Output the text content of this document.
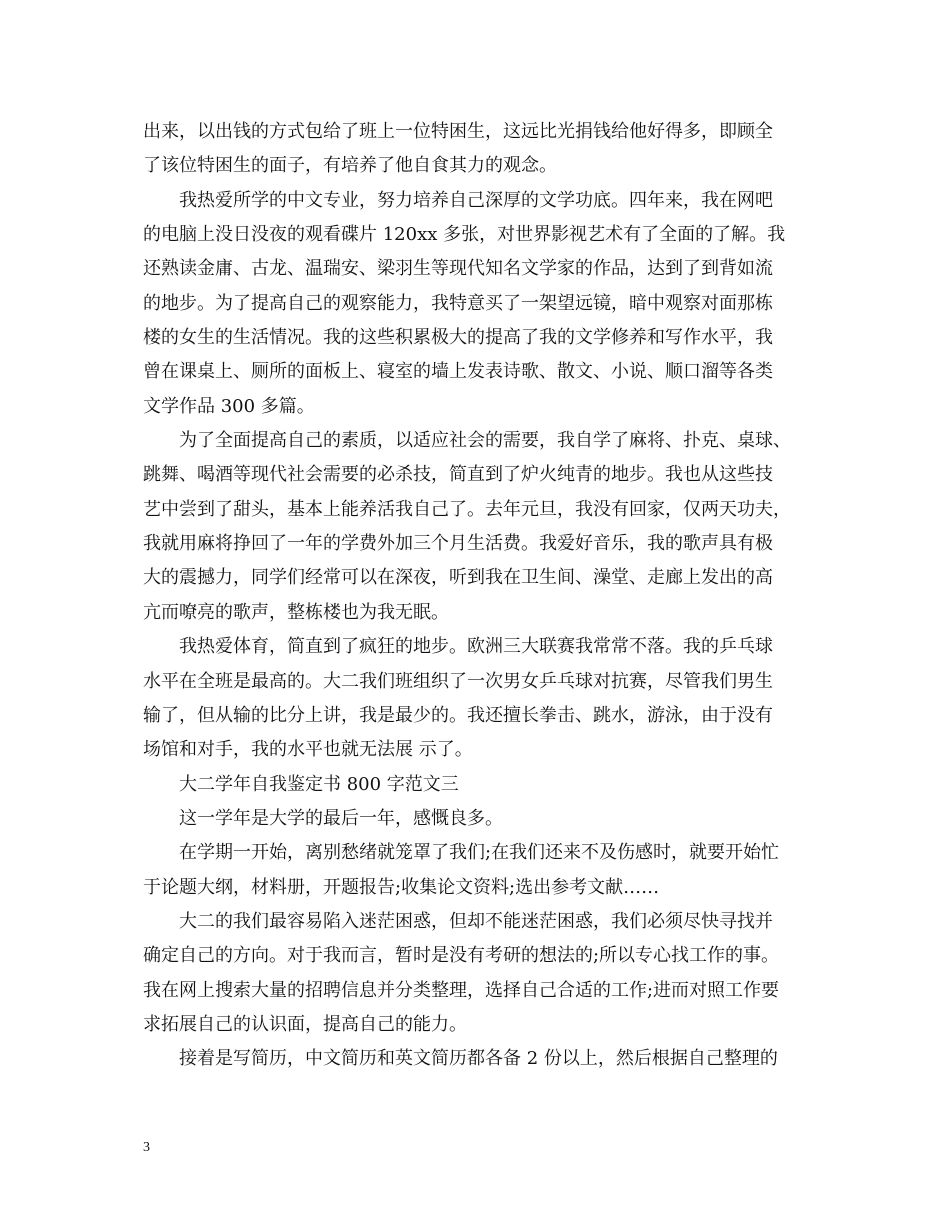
出来，以出钱的方式包给了班上一位特困生，这远比光捐钱给他好得多，即顾全
了该位特困生的面子，有培养了他自食其力的观念。
我热爱所学的中文专业，努力培养自己深厚的文学功底。四年来，我在网吧
的电脑上没日没夜的观看碟片 120xx 多张，对世界影视艺术有了全面的了解。我
还熟读金庸、古龙、温瑞安、梁羽生等现代知名文学家的作品，达到了到背如流
的地步。为了提高自己的观察能力，我特意买了一架望远镜，暗中观察对面那栋
楼的女生的生活情况。我的这些积累极大的提高了我的文学修养和写作水平，我
曾在课桌上、厕所的面板上、寝室的墙上发表诗歌、散文、小说、顺口溜等各类
文学作品 300 多篇。
为了全面提高自己的素质，以适应社会的需要，我自学了麻将、扑克、桌球、
跳舞、喝酒等现代社会需要的必杀技，简直到了炉火纯青的地步。我也从这些技
艺中尝到了甜头，基本上能养活我自己了。去年元旦，我没有回家，仅两天功夫，
我就用麻将挣回了一年的学费外加三个月生活费。我爱好音乐，我的歌声具有极
大的震撼力，同学们经常可以在深夜，听到我在卫生间、澡堂、走廊上发出的高
亢而嘹亮的歌声，整栋楼也为我无眠。
我热爱体育，简直到了疯狂的地步。欧洲三大联赛我常常不落。我的乒乓球
水平在全班是最高的。大二我们班组织了一次男女乒乓球对抗赛，尽管我们男生
输了，但从输的比分上讲，我是最少的。我还擅长拳击、跳水，游泳，由于没有
场馆和对手，我的水平也就无法展 示了。
大二学年自我鉴定书 800 字范文三
这一学年是大学的最后一年，感慨良多。
在学期一开始，离别愁绪就笼罩了我们;在我们还来不及伤感时，就要开始忙
于论题大纲，材料册，开题报告;收集论文资料;选出参考文献……
大二的我们最容易陷入迷茫困惑，但却不能迷茫困惑，我们必须尽快寻找并
确定自己的方向。对于我而言，暂时是没有考研的想法的;所以专心找工作的事。
我在网上搜索大量的招聘信息并分类整理，选择自己合适的工作;进而对照工作要
求拓展自己的认识面，提高自己的能力。
接着是写简历，中文简历和英文简历都各备 2 份以上，然后根据自己整理的
3
